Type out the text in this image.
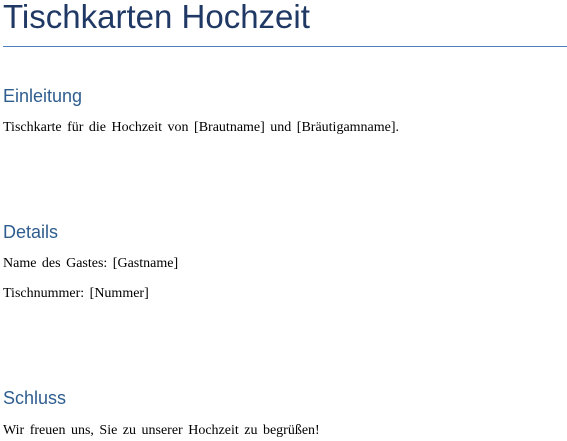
Tischkarten Hochzeit
Einleitung

Tischkarte für die Hochzeit von [Brautname] und [Bräutigamname].

Details

Name des Gastes: [Gastname]

Tischnummer: [Nummer]

Schluss

Wir freuen uns, Sie zu unserer Hochzeit zu begrüßen!
